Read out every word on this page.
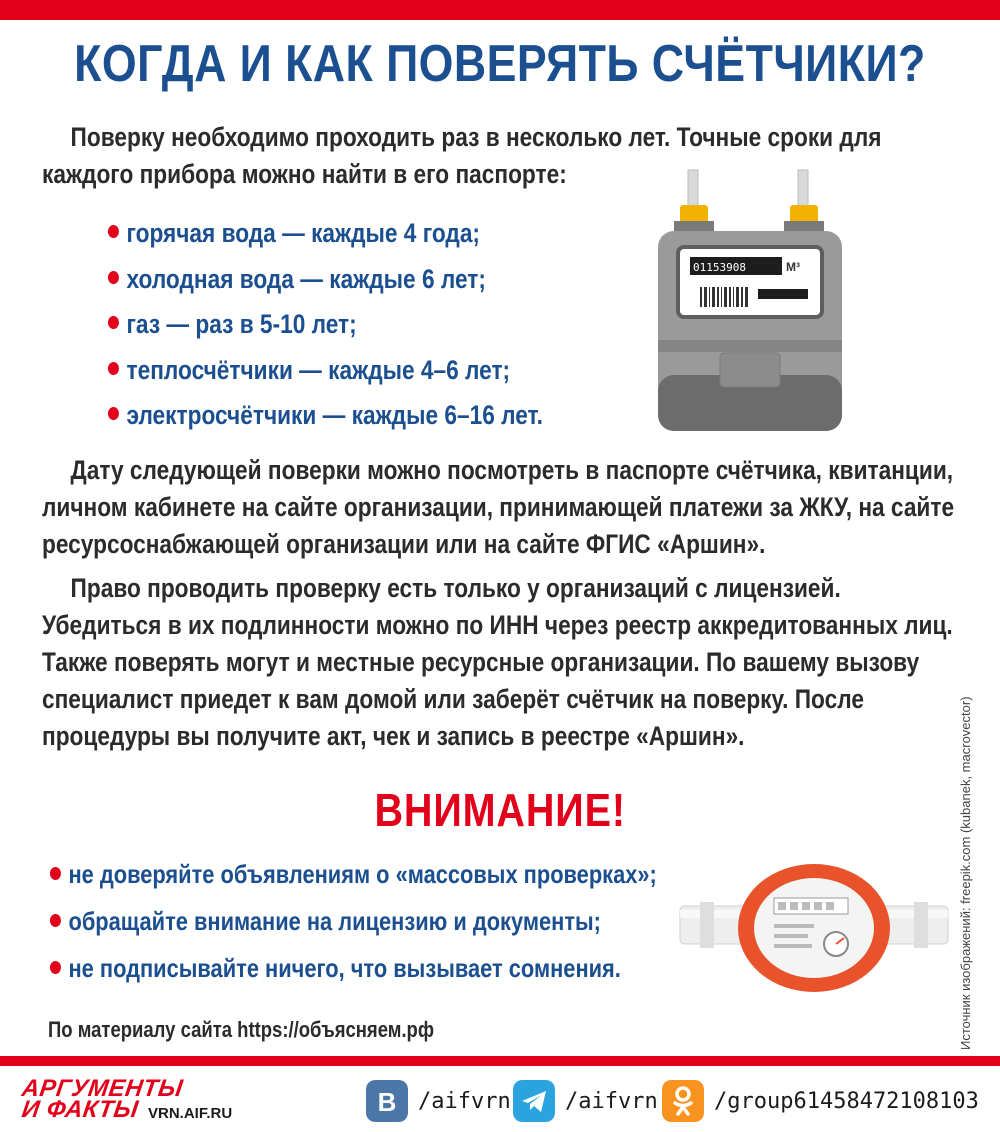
КОГДА И КАК ПОВЕРЯТЬ СЧЁТЧИКИ?
Поверку необходимо проходить раз в несколько лет. Точные сроки для
каждого прибора можно найти в его паспорте:
горячая вода — каждые 4 года;
холодная вода — каждые 6 лет;
газ — раз в 5-10 лет;
теплосчётчики — каждые 4–6 лет;
электросчётчики — каждые 6–16 лет.
01153908	M³
Дату следующей поверки можно посмотреть в паспорте счётчика, квитанции,
личном кабинете на сайте организации, принимающей платежи за ЖКУ, на сайте
ресурсоснабжающей организации или на сайте ФГИС «Аршин».
Право проводить проверку есть только у организаций с лицензией.
Убедиться в их подлинности можно по ИНН через реестр аккредитованных лиц.
Также поверять могут и местные ресурсные организации. По вашему вызову
специалист приедет к вам домой или заберёт счётчик на поверку. После
процедуры вы получите акт, чек и запись в реестре «Аршин».
ВНИМАНИЕ!
не доверяйте объявлениям о «массовых проверках»;
обращайте внимание на лицензию и документы;
не подписывайте ничего, что вызывает сомнения.
По материалу сайта https://объясняем.рф	Источник изображений: freepik.com (kubanek, macrovector)
АРГУМЕНТЫ
И ФАКТЫ VRN.AIF.RU	B /aifvrn /aifvrn	/group61458472108103
